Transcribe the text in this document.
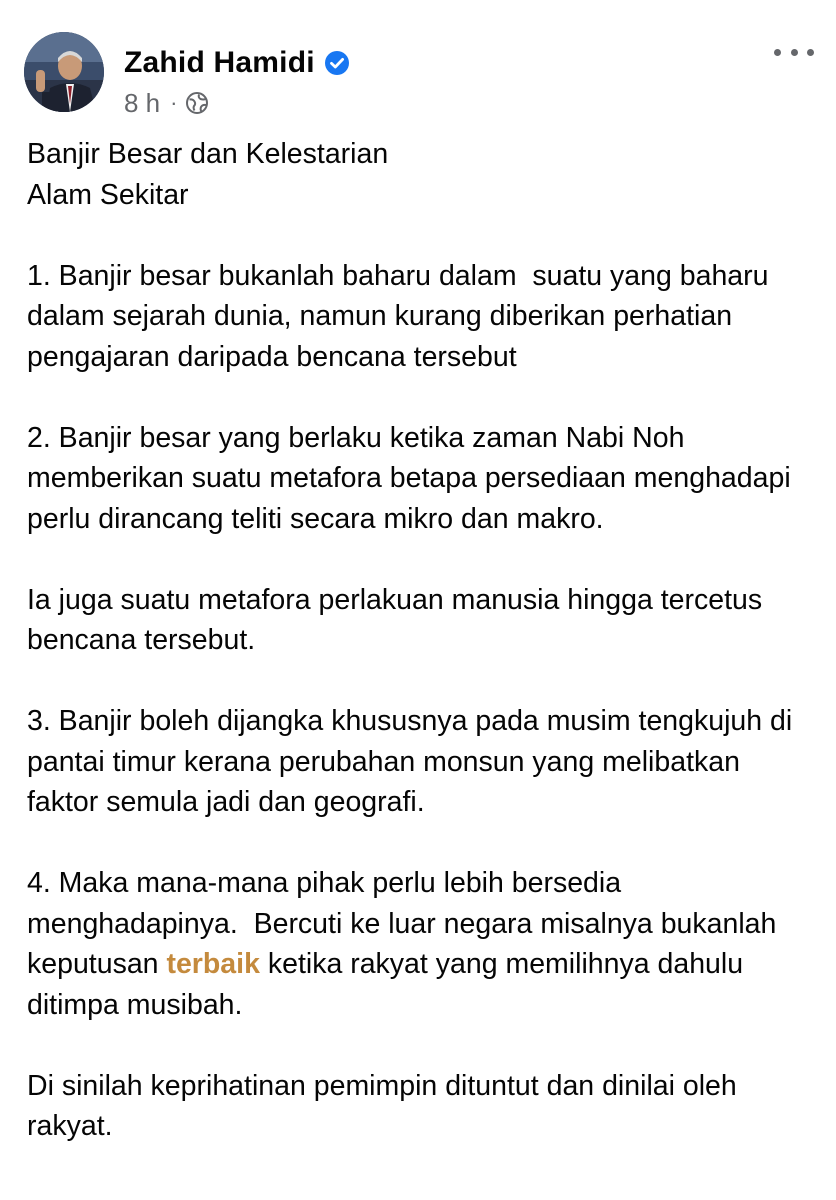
Zahid Hamidi
8 h ·

Banjir Besar dan Kelestarian
Alam Sekitar

1. Banjir besar bukanlah baharu dalam  suatu yang baharu dalam sejarah dunia, namun kurang diberikan perhatian pengajaran daripada bencana tersebut

2. Banjir besar yang berlaku ketika zaman Nabi Noh memberikan suatu metafora betapa persediaan menghadapi perlu dirancang teliti secara mikro dan makro.

Ia juga suatu metafora perlakuan manusia hingga tercetus bencana tersebut.

3. Banjir boleh dijangka khususnya pada musim tengkujuh di pantai timur kerana perubahan monsun yang melibatkan faktor semula jadi dan geografi.

4. Maka mana-mana pihak perlu lebih bersedia menghadapinya.  Bercuti ke luar negara misalnya bukanlah keputusan terbaik ketika rakyat yang memilihnya dahulu ditimpa musibah.

Di sinilah keprihatinan pemimpin dituntut dan dinilai oleh rakyat.
